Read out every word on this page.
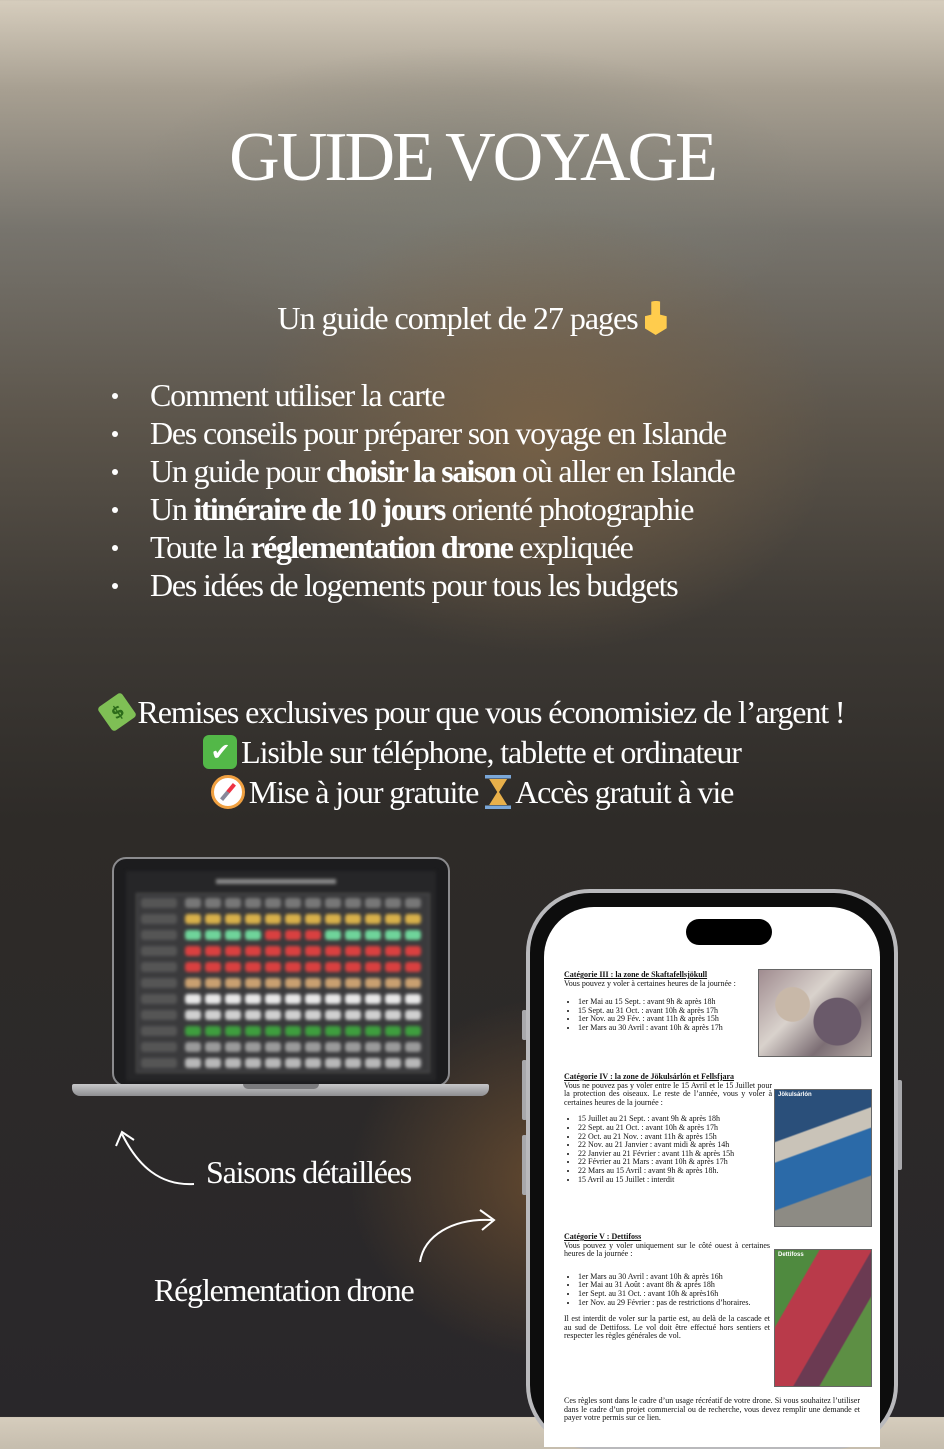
GUIDE VOYAGE
Un guide complet de 27 pages
Comment utiliser la carte
Des conseils pour préparer son voyage en Islande
Un guide pour choisir la saison où aller en Islande
Un itinéraire de 10 jours orienté photographie
Toute la réglementation drone expliquée
Des idées de logements pour tous les budgets
$Remises exclusives pour que vous économisiez de l’argent !
✔Lisible sur téléphone, tablette et ordinateur
Mise à jour gratuite Accès gratuit à vie
Catégorie III : la zone de Skaftafellsjökull

Vous pouvez y voler à certaines heures de la journée :

• 1er Mai au 15 Sept. : avant 9h & après 18h
• 15 Sept. au 31 Oct. : avant 10h & après 17h
• 1er Nov. au 29 Fév. : avant 11h & après 15h
• 1er Mars au 30 Avril : avant 10h & après 17h
Catégorie IV : la zone de Jökulsárlón et Fellsfjara

Vous ne pouvez pas y voler entre le 15 Avril et le 15 Juillet pour la protection des oiseaux. Le reste de l’année, vous y voler à certaines heures de la journée :

• 15 Juillet au 21 Sept. : avant 9h & après 18h
• 22 Sept. au 21 Oct. : avant 10h & après 17h
• 22 Oct. au 21 Nov. : avant 11h & après 15h
• 22 Nov. au 21 Janvier : avant midi & après 14h
• 22 Janvier au 21 Février : avant 11h & après 15h
• 22 Février au 21 Mars : avant 10h & après 17h
• 22 Mars au 15 Avril : avant 9h & après 18h.
• 15 Avril au 15 Juillet : interdit
Jökulsárlón
Catégorie V : Dettifoss

Vous pouvez y voler uniquement sur le côté ouest à certaines heures de la journée :

• 1er Mars au 30 Avril : avant 10h & après 16h
• 1er Mai au 31 Août : avant 8h & après 18h
• 1er Sept. au 31 Oct. : avant 10h & après16h
• 1er Nov. au 29 Février : pas de restrictions d’horaires.

Il est interdit de voler sur la partie est, au delà de la cascade et au sud de Dettifoss. Le vol doit être effectué hors sentiers et respecter les règles générales de vol.

Dettifoss
Ces règles sont dans le cadre d’un usage récréatif de votre drone. Si vous souhaitez l’utiliser dans le cadre d’un projet commercial ou de recherche, vous devez remplir une demande et payer votre permis sur ce lien.
Saisons détaillées
Réglementation drone
